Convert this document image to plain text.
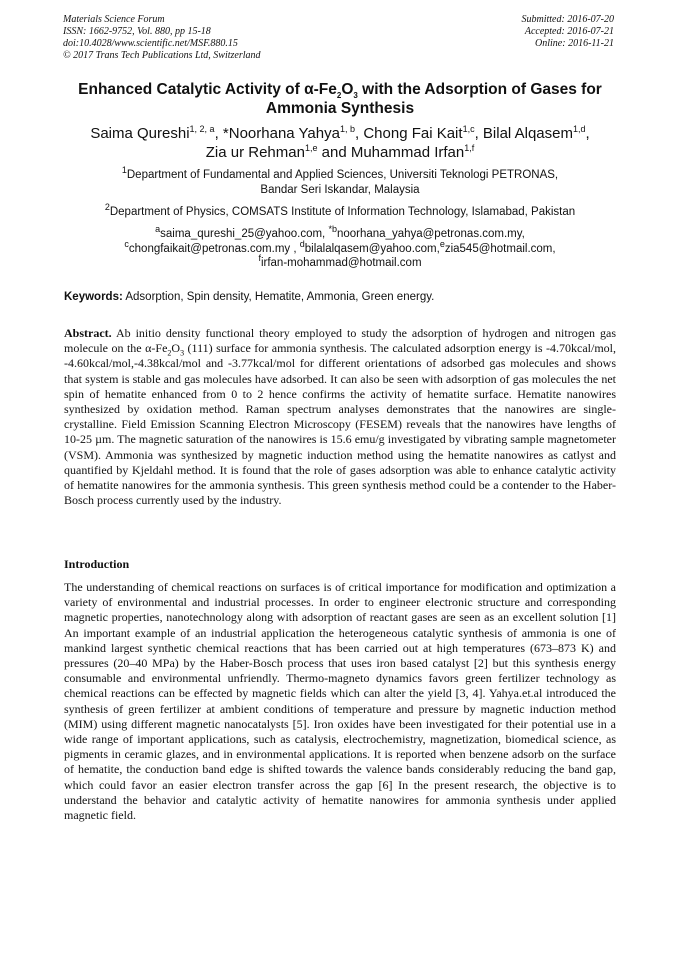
Materials Science Forum
ISSN: 1662-9752, Vol. 880, pp 15-18
doi:10.4028/www.scientific.net/MSF.880.15
© 2017 Trans Tech Publications Ltd, Switzerland
Submitted: 2016-07-20
Accepted: 2016-07-21
Online: 2016-11-21
Enhanced Catalytic Activity of $\alpha-Fe_2O_3$ with the Adsorption of Gases for Ammonia Synthesis
Saima Qureshi$^{1, 2, a}$, *Noorhana Yahya$^{1, b}$, Chong Fai Kait$^{1,c}$, Bilal Alqasem$^{1,d}$,
Zia ur Rehman$^{1,e}$ and Muhammad Irfan$^{1,f}$
$^1$Department of Fundamental and Applied Sciences, Universiti Teknologi PETRONAS,
Bandar Seri Iskandar, Malaysia
$^2$Department of Physics, COMSATS Institute of Information Technology, Islamabad, Pakistan
$^a$saima_qureshi_25@yahoo.com, $^{*b}$noorhana_yahya@petronas.com.my,
$^c$chongfaikait@petronas.com.my , $^d$bilalalqasem@yahoo.com,$^e$zia545@hotmail.com,
$^f$irfan-mohammad@hotmail.com
Keywords: Adsorption, Spin density, Hematite, Ammonia, Green energy.
Abstract. Ab initio density functional theory employed to study the adsorption of hydrogen and nitrogen gas molecule on the $\alpha-Fe_2O_3$ (111) surface for ammonia synthesis. The calculated adsorption energy is -4.70kcal/mol, -4.60kcal/mol,-4.38kcal/mol and -3.77kcal/mol for different orientations of adsorbed gas molecules and shows that system is stable and gas molecules have adsorbed. It can also be seen with adsorption of gas molecules the net spin of hematite enhanced from 0 to 2 hence confirms the activity of hematite surface. Hematite nanowires synthesized by oxidation method. Raman spectrum analyses demonstrates that the nanowires are single-crystalline. Field Emission Scanning Electron Microscopy (FESEM) reveals that the nanowires have lengths of 10-25 µm. The magnetic saturation of the nanowires is 15.6 emu/g investigated by vibrating sample magnetometer (VSM). Ammonia was synthesized by magnetic induction method using the hematite nanowires as catlyst and quantified by Kjeldahl method. It is found that the role of gases adsorption was able to enhance catalytic activity of hematite nanowires for the ammonia synthesis. This green synthesis method could be a contender to the Haber-Bosch process currently used by the industry.
Introduction
The understanding of chemical reactions on surfaces is of critical importance for modification and optimization a variety of environmental and industrial processes. In order to engineer electronic structure and corresponding magnetic properties, nanotechnology along with adsorption of reactant gases are seen as an excellent solution [1] An important example of an industrial application the heterogeneous catalytic synthesis of ammonia is one of mankind largest synthetic chemical reactions that has been carried out at high temperatures (673–873 K) and pressures (20–40 MPa) by the Haber-Bosch process that uses iron based catalyst [2] but this synthesis energy consumable and environmental unfriendly. Thermo-magneto dynamics favors green fertilizer technology as chemical reactions can be effected by magnetic fields which can alter the yield [3, 4]. Yahya.et.al introduced the synthesis of green fertilizer at ambient conditions of temperature and pressure by magnetic induction method (MIM) using different magnetic nanocatalysts [5]. Iron oxides have been investigated for their potential use in a wide range of important applications, such as catalysis, electrochemistry, magnetization, biomedical science, as pigments in ceramic glazes, and in environmental applications. It is reported when benzene adsorb on the surface of hematite, the conduction band edge is shifted towards the valence bands considerably reducing the band gap, which could favor an easier electron transfer across the gap [6] In the present research, the objective is to understand the behavior and catalytic activity of hematite nanowires for ammonia synthesis under applied magnetic field.
